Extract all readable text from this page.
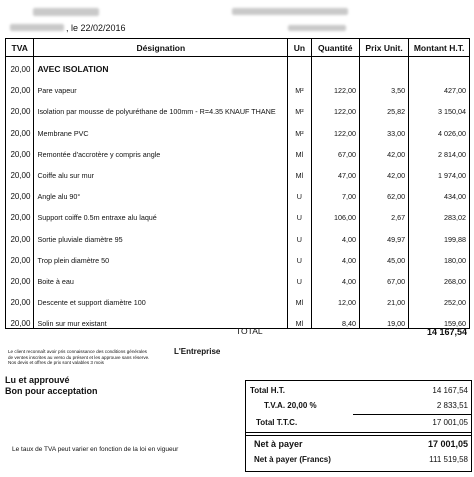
, le 22/02/2016
TVA	Désignation	Un	Quantité	Prix Unit.	Montant H.T.
20,00	AVEC ISOLATION				
20,00	Pare vapeur	M²	122,00	3,50	427,00
20,00	Isolation par mousse de polyuréthane de 100mm - R=4.35 KNAUF THANE	M²	122,00	25,82	3 150,04
20,00	Membrane PVC	M²	122,00	33,00	4 026,00
20,00	Remontée d'accrotère y compris angle	Ml	67,00	42,00	2 814,00
20,00	Coiffe alu sur mur	Ml	47,00	42,00	1 974,00
20,00	Angle alu 90°	U	7,00	62,00	434,00
20,00	Support coiffe 0.5m entraxe alu laqué	U	106,00	2,67	283,02
20,00	Sortie pluviale diamètre 95	U	4,00	49,97	199,88
20,00	Trop plein diamètre 50	U	4,00	45,00	180,00
20,00	Boite à eau	U	4,00	67,00	268,00
20,00	Descente et support diamètre 100	Ml	12,00	21,00	252,00
20,00	Solin sur mur existant	Ml	8,40	19,00	159,60
TOTAL	14 167,54
Le client reconnaît avoir pris connaissance des conditions générales de ventes inscrites au verso du présent et les approuve sans réserve.
Nos devis et offres de prix sont valables 3 mois
L'Entreprise
Lu et approuvé
Bon pour acceptation	Total H.T.	14 167,54
T.V.A. 20,00 %	2 833,51
Total T.T.C.	17 001,05
Net à payer	17 001,05
Net à payer (Francs)	111 519,58
Le taux de TVA peut varier en fonction de la loi en vigueur
